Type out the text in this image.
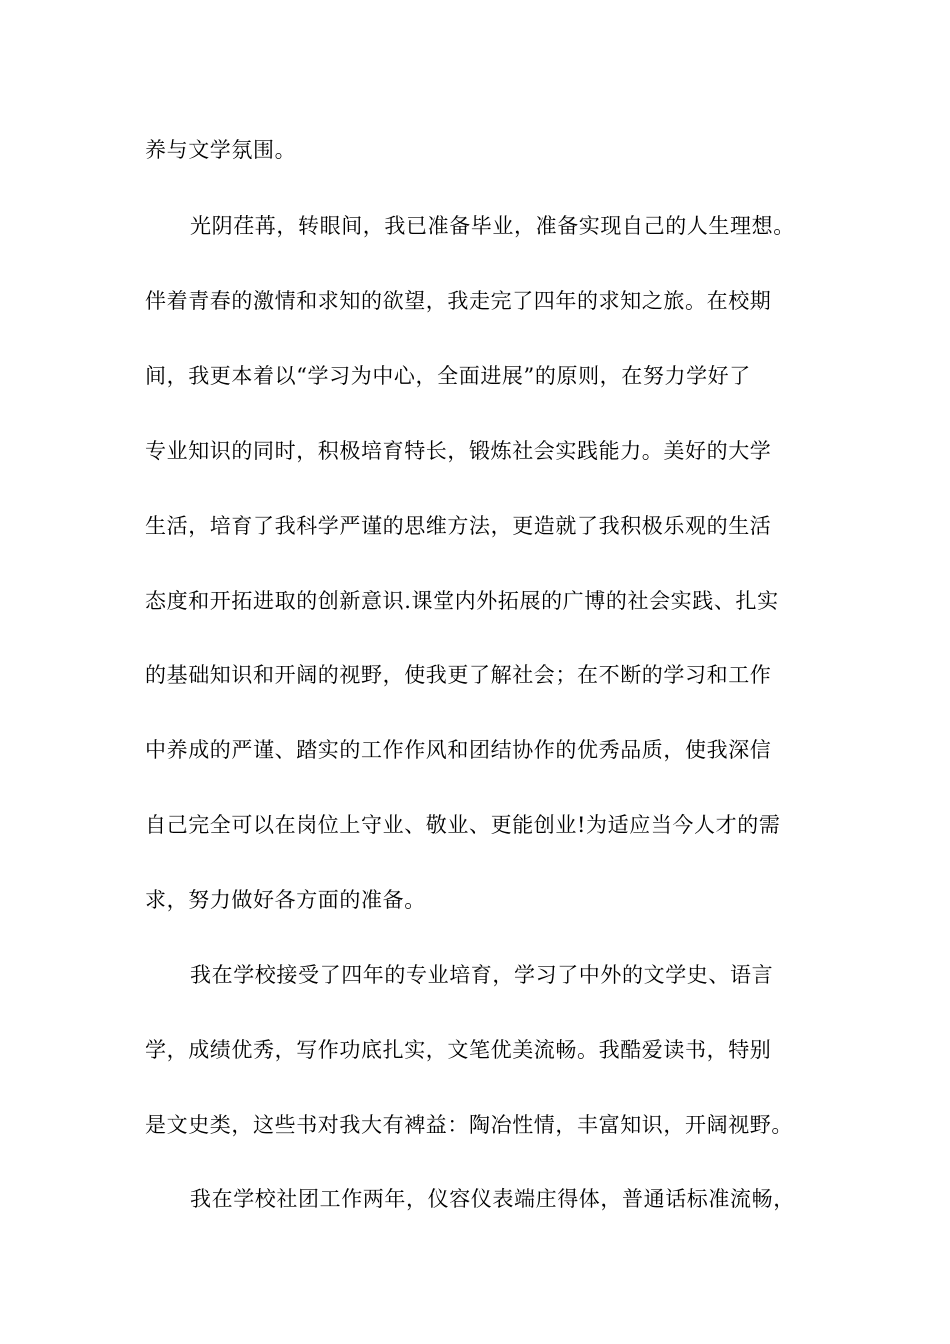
养与文学氛围。
光阴荏苒，转眼间，我已准备毕业，准备实现自己的人生理想。
伴着青春的激情和求知的欲望，我走完了四年的求知之旅。在校期
间，我更本着以“学习为中心，全面进展”的原则，在努力学好了
专业知识的同时，积极培育特长，锻炼社会实践能力。美好的大学
生活，培育了我科学严谨的思维方法，更造就了我积极乐观的生活
态度和开拓进取的创新意识.课堂内外拓展的广博的社会实践、扎实
的基础知识和开阔的视野，使我更了解社会；在不断的学习和工作
中养成的严谨、踏实的工作作风和团结协作的优秀品质，使我深信
自己完全可以在岗位上守业、敬业、更能创业!为适应当今人才的需
求，努力做好各方面的准备。
我在学校接受了四年的专业培育，学习了中外的文学史、语言
学，成绩优秀，写作功底扎实，文笔优美流畅。我酷爱读书，特别
是文史类，这些书对我大有裨益：陶冶性情，丰富知识，开阔视野。
我在学校社团工作两年，仪容仪表端庄得体，普通话标准流畅，
